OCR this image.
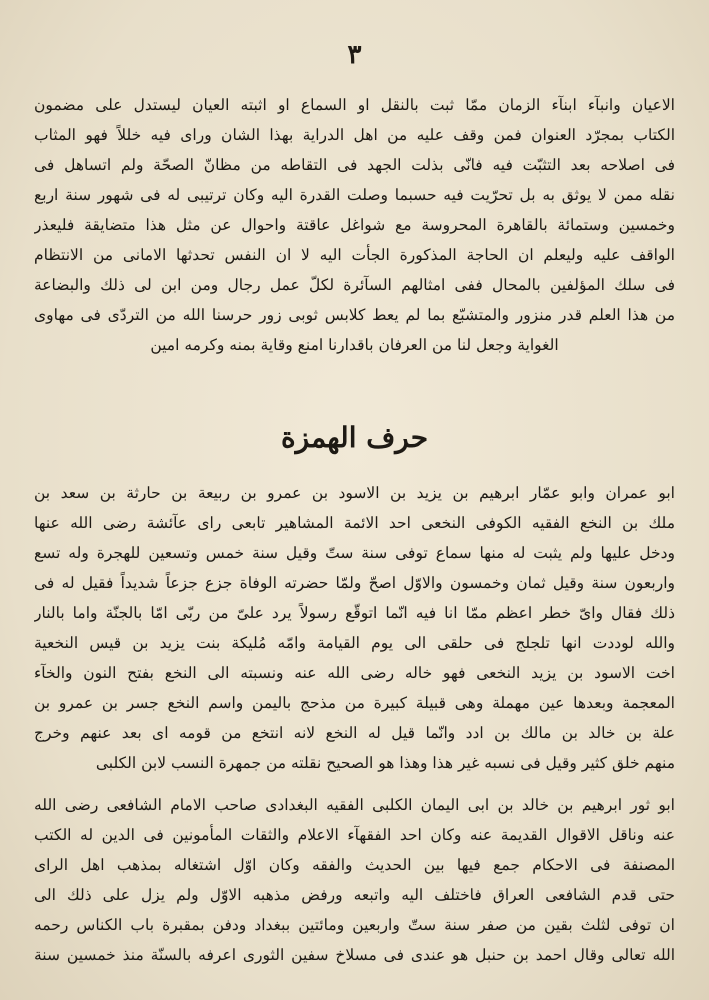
٣
الاعيان وانبآء ابنآء الزمان ممّا ثبت بالنقل او السماع او اثبته العيان ليستدل على مضمون
الكتاب بمجرّد العنوان فمن وقف عليه من اهل الدراية بهذا الشان وراى فيه خللاً فهو المثاب
فى اصلاحه بعد التثبّت فيه فانّى بذلت الجهد فى التقاطه من مظانّ الصحّة ولم اتساهل فى
نقله ممن لا يوثق به بل تحرّيت فيه حسبما وصلت القدرة اليه وكان ترتيبى له فى شهور سنة اربع
وخمسين وستمائة بالقاهرة المحروسة مع شواغل عاقتة واحوال عن مثل هذا متضايقة فليعذر
الواقف عليه وليعلم ان الحاجة المذكورة الجأت اليه لا ان النفس تحدثها الامانى من الانتظام
فى سلك المؤلفين بالمحال ففى امثالهم السآئرة لكلّ عمل رجال ومن ابن لى ذلك والبضاعة
من هذا العلم قدر منزور والمتشبّع بما لم يعط كلابس ثوبى زور حرسنا الله من التردّى فى مهاوى
الغواية وجعل لنا من العرفان باقدارنا امنع وقاية بمنه وكرمه امين
حرف الهمزة
ابو عمران وابو عمّار ابرهيم بن يزيد بن الاسود بن عمرو بن ربيعة بن حارثة بن سعد بن
ملك بن النخع الفقيه الكوفى النخعى احد الائمة المشاهير تابعى راى عآئشة رضى الله عنها
ودخل عليها ولم يثبت له منها سماع توفى سنة ستّ وقيل سنة خمس وتسعين للهجرة وله تسع
واربعون سنة وقيل ثمان وخمسون والاوّل اصحّ ولمّا حضرته الوفاة جزع جزعاً شديداً فقيل له فى
ذلك فقال واىّ خطر اعظم ممّا انا فيه انّما اتوقّع رسولاً يرد علىّ من ربّى امّا بالجنّة واما بالنار
والله لوددت انها تلجلج فى حلقى الى يوم القيامة وامّه مُليكة بنت يزيد بن قيس النخعية
اخت الاسود بن يزيد النخعى فهو خاله رضى الله عنه ونسبته الى النخع بفتح النون والخآء
المعجمة وبعدها عين مهملة وهى قبيلة كبيرة من مذحج باليمن واسم النخع جسر بن عمرو بن
علة بن خالد بن مالك بن ادد وانّما قيل له النخع لانه انتخع من قومه اى بعد عنهم وخرج
منهم خلق كثير وقيل فى نسبه غير هذا وهذا هو الصحيح نقلته من جمهرة النسب لابن الكلبى
ابو ثور ابرهيم بن خالد بن ابى اليمان الكلبى الفقيه البغدادى صاحب الامام الشافعى رضى الله
عنه وناقل الاقوال القديمة عنه وكان احد الفقهآء الاعلام والثقات المأمونين فى الدين له الكتب
المصنفة فى الاحكام جمع فيها بين الحديث والفقه وكان اوّل اشتغاله بمذهب اهل الراى
حتى قدم الشافعى العراق فاختلف اليه واتبعه ورفض مذهبه الاوّل ولم يزل على ذلك الى
ان توفى لثلث بقين من صفر سنة ستّ واربعين ومائتين ببغداد ودفن بمقبرة باب الكناس رحمه
الله تعالى وقال احمد بن حنبل هو عندى فى مسلاخ سفين الثورى اعرفه بالسنّة منذ خمسين سنة
